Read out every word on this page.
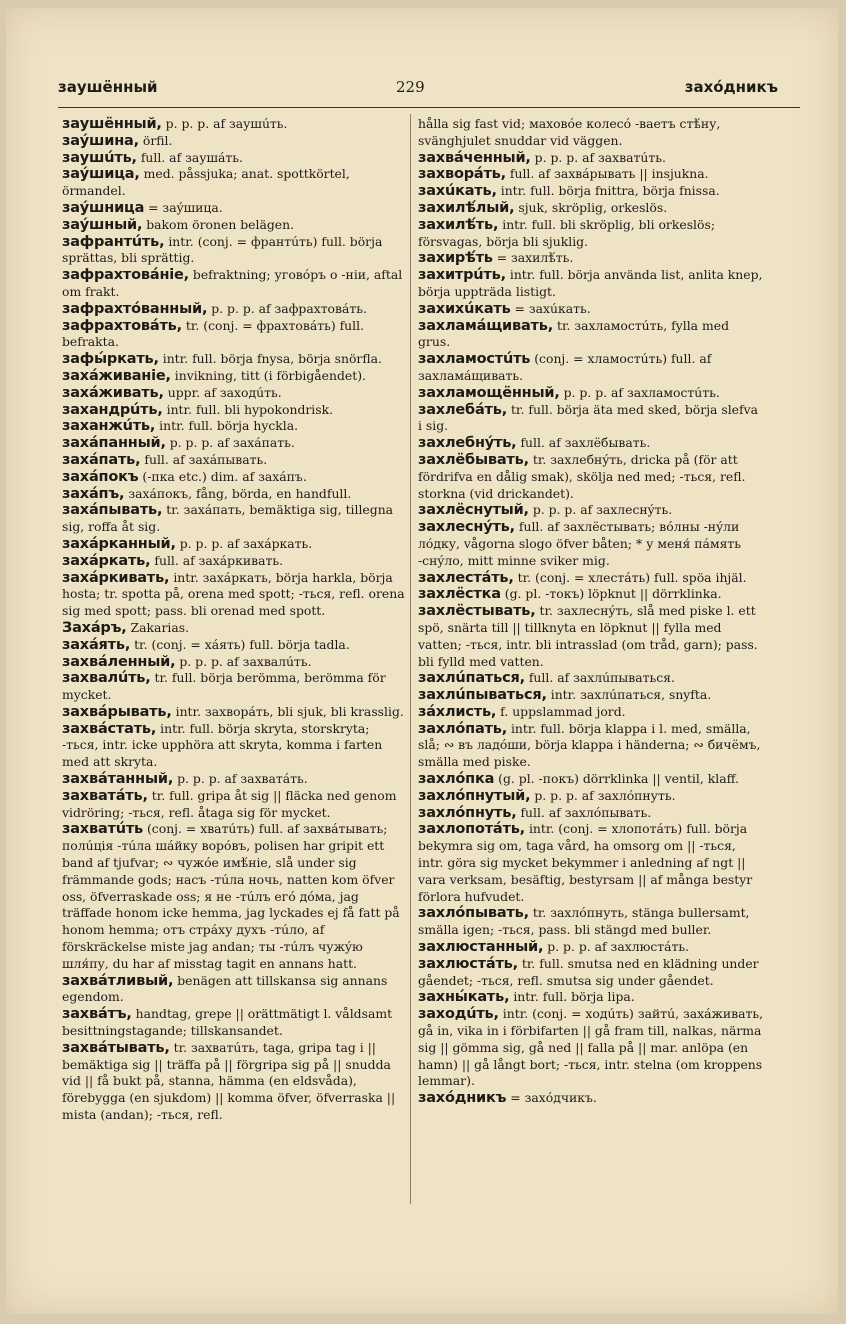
заушённый	229	захóдникъ

заушённый, p. p. p. af заушúть.

заýшина, örfil.

заушúть, full. af заушáть.

заýшица, med. påssjuka; anat. spottkörtel, örmandel.

заýшница = заýшица.

заýшный, bakom öronen belägen.

зафрантúть, intr. (conj. = франтúть) full. börja sprättas, bli sprättig.

зафрахтовáніе, befraktning; уговóръ о -ніи, aftal om frakt.

зафрахтóванный, p. p. p. af зафрахтовáть.

зафрахтовáть, tr. (conj. = фрахтовáть) full. befrakta.

зафы́ркать, intr. full. börja fnysa, börja snörfla.

захáживаніе, invikning, titt (i förbigåendet).

захáживать, uppr. af заходúть.

захандрúть, intr. full. bli hypokondrisk.

заханжúть, intr. full. börja hyckla.

захáпанный, p. p. p. af захáпать.

захáпать, full. af захáпывать.

захáпокъ (-пка etc.) dim. af захáпъ.

захáпъ, захáпокъ, fång, börda, en handfull.

захáпывать, tr. захáпать, bemäktiga sig, tillegna sig, roffa åt sig.

захáрканный, p. p. p. af захáркать.

захáркать, full. af захáркивать.

захáркивать, intr. захáркать, börja harkla, börja hosta; tr. spotta på, orena med spott; -ться, refl. orena sig med spott; pass. bli orenad med spott.

Захáръ, Zakarias.

захáять, tr. (conj. = хáять) full. börja tadla.

захвáленный, p. p. p. af захвалúть.

захвалúть, tr. full. börja berömma, berömma för mycket.

захвáрывать, intr. захворáть, bli sjuk, bli krasslig.

захвáстать, intr. full. börja skryta, storskryta; -ться, intr. icke upphöra att skryta, komma i farten med att skryta.

захвáтанный, p. p. p. af захватáть.

захватáть, tr. full. gripa åt sig || fläcka ned genom vidröring; -ться, refl. åtaga sig för mycket.

захватúть (conj. = хватúть) full. af захвáтывать; полúція -тúла шáйку ворóвъ, polisen har gripit ett band af tjufvar; ∾ чужóе имѣ́ніе, slå under sig främmande gods; насъ -тúла ночь, natten kom öfver oss, öfverraskade oss; я не -тúлъ егó дóма, jag träffade honom icke hemma, jag lyckades ej få fatt på honom hemma; отъ стрáху духъ -тúло, af förskräckelse miste jag andan; ты -тúлъ чужýю шля́пу, du har af misstag tagit en annans hatt.

захвáтливый, benägen att tillskansa sig annans egendom.

захвáтъ, handtag, grepe || orättmätigt l. våldsamt besittningstagande; tillskansandet.

захвáтывать, tr. захватúть, taga, gripa tag i || bemäktiga sig || träffa på || förgripa sig på || snudda vid || få bukt på, stanna, hämma (en eldsvåda), förebygga (en sjukdom) || komma öfver, öfverraska || mista (andan); -ться, refl.

hålla sig fast vid; маховóе колесó -ваетъ стѣ́ну, svänghjulet snuddar vid väggen.

захвáченный, p. p. p. af захватúть.

захворáть, full. af захвáрывать || insjukna.

захúкать, intr. full. börja fnittra, börja fnissa.

захилѣ́лый, sjuk, skröplig, orkeslös.

захилѣ́ть, intr. full. bli skröplig, bli orkeslös; försvagas, börja bli sjuklig.

захирѣ́ть = захилѣ́ть.

захитрúть, intr. full. börja använda list, anlita knep, börja uppträda listigt.

захихúкать = захúкать.

захламáщивать, tr. захламостúть, fylla med grus.

захламостúть (conj. = хламостúть) full. af захламáщивать.

захламощённый, p. p. p. af захламостúть.

захлебáть, tr. full. börja äta med sked, börja slefva i sig.

захлебнýть, full. af захлёбывать.

захлёбывать, tr. захлебнýть, dricka på (för att fördrifva en dålig smak), skölja ned med; -ться, refl. storkna (vid drickandet).

захлёснутый, p. p. p. af захлеснýть.

захлеснýть, full. af захлёстывать; вóлны -нýли лóдку, vågorna slogo öfver båten; * у меня́ пáмять -снýло, mitt minne sviker mig.

захлестáть, tr. (conj. = хлестáть) full. spöa ihjäl.

захлёстка (g. pl. -токъ) löpknut || dörrklinka.

захлёстывать, tr. захлеснýть, slå med piske l. ett spö, snärta till || tillknyta en löpknut || fylla med vatten; -ться, intr. bli intrasslad (om tråd, garn); pass. bli fylld med vatten.

захлúпаться, full. af захлúпываться.

захлúпываться, intr. захлúпаться, snyfta.

зáхлисть, f. uppslammad jord.

захлóпать, intr. full. börja klappa i l. med, smälla, slå; ∾ въ ладóши, börja klappa i händerna; ∾ бичёмъ, smälla med piske.

захлóпка (g. pl. -покъ) dörrklinka || ventil, klaff.

захлóпнутый, p. p. p. af захлóпнуть.

захлóпнуть, full. af захлóпывать.

захлопотáть, intr. (conj. = хлопотáть) full. börja bekymra sig om, taga vård, ha omsorg om || -ться, intr. göra sig mycket bekymmer i anledning af ngt || vara verksam, besäftig, bestyrsam || af många bestyr förlora hufvudet.

захлóпывать, tr. захлóпнуть, stänga bullersamt, smälla igen; -ться, pass. bli stängd med buller.

захлюстанный, p. p. p. af захлюстáть.

захлюстáть, tr. full. smutsa ned en klädning under gåendet; -ться, refl. smutsa sig under gåendet.

захны́кать, intr. full. börja lipa.

заходúть, intr. (conj. = ходúть) зайтú, захáживать, gå in, vika in i förbifarten || gå fram till, nalkas, närma sig || gömma sig, gå ned || falla på || mar. anlöpa (en hamn) || gå långt bort; -ться, intr. stelna (om kroppens lemmar).

захóдникъ = захóдчикъ.
